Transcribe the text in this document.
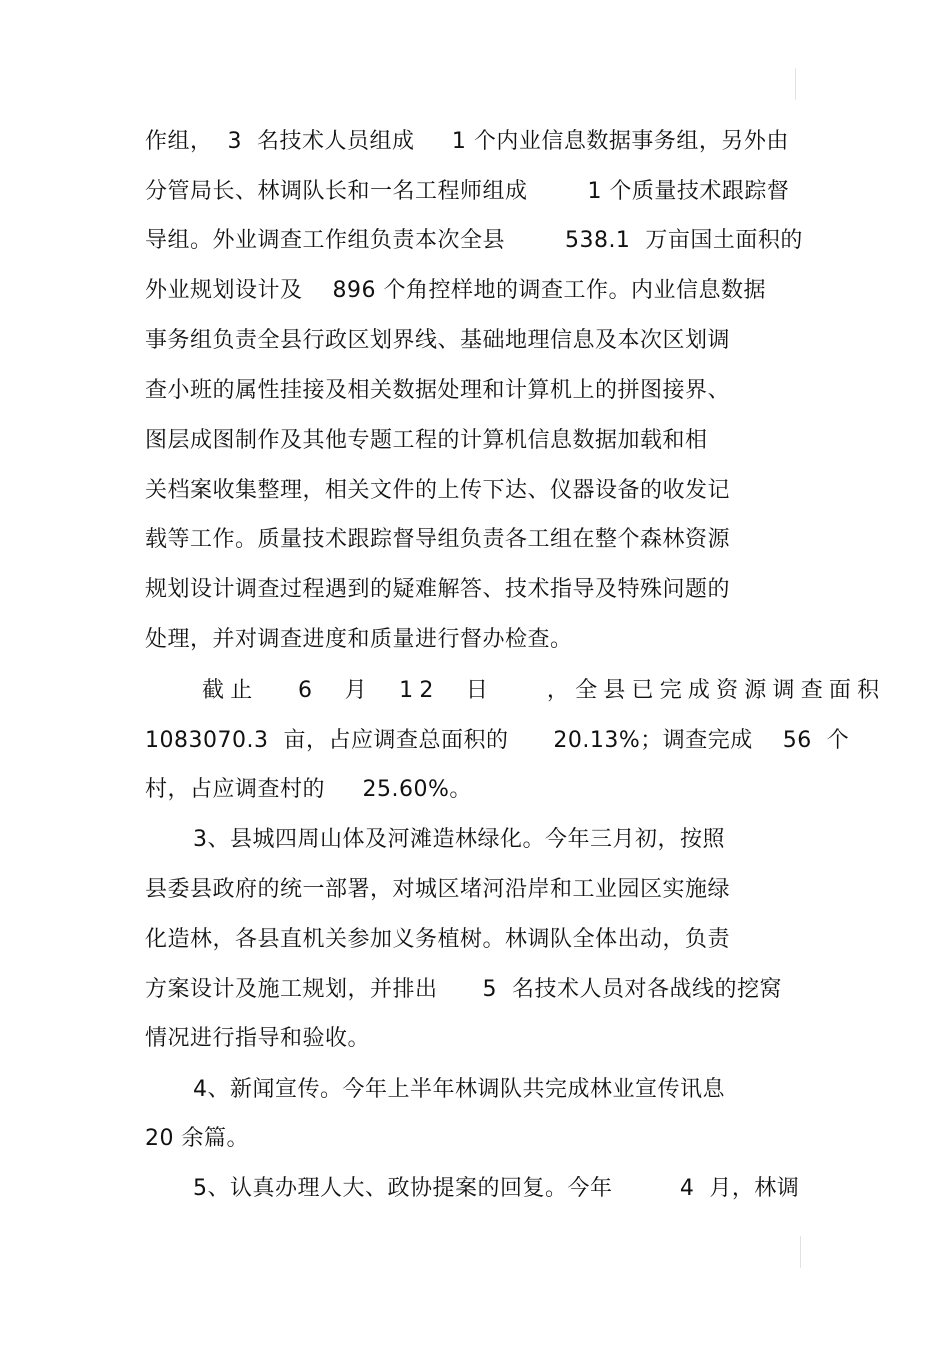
作组，  3  名技术人员组成     1 个内业信息数据事务组，另外由
分管局长、林调队长和一名工程师组成        1 个质量技术跟踪督
导组。外业调查工作组负责本次全县        538.1  万亩国土面积的
外业规划设计及    896 个角控样地的调查工作。内业信息数据
事务组负责全县行政区划界线、基础地理信息及本次区划调
查小班的属性挂接及相关数据处理和计算机上的拼图接界、
图层成图制作及其他专题工程的计算机信息数据加载和相
关档案收集整理，相关文件的上传下达、仪器设备的收发记
载等工作。质量技术跟踪督导组负责各工组在整个森林资源
规划设计调查过程遇到的疑难解答、技术指导及特殊问题的
处理，并对调查进度和质量进行督办检查。
截止   6  月  12  日    ，全县已完成资源调查面积
1083070.3  亩，占应调查总面积的      20.13%；调查完成    56  个
村，占应调查村的     25.60%。
3、县城四周山体及河滩造林绿化。今年三月初，按照
县委县政府的统一部署，对城区堵河沿岸和工业园区实施绿
化造林，各县直机关参加义务植树。林调队全体出动，负责
方案设计及施工规划，并排出      5  名技术人员对各战线的挖窝
情况进行指导和验收。
4、新闻宣传。今年上半年林调队共完成林业宣传讯息
20 余篇。
5、认真办理人大、政协提案的回复。今年         4  月，林调
